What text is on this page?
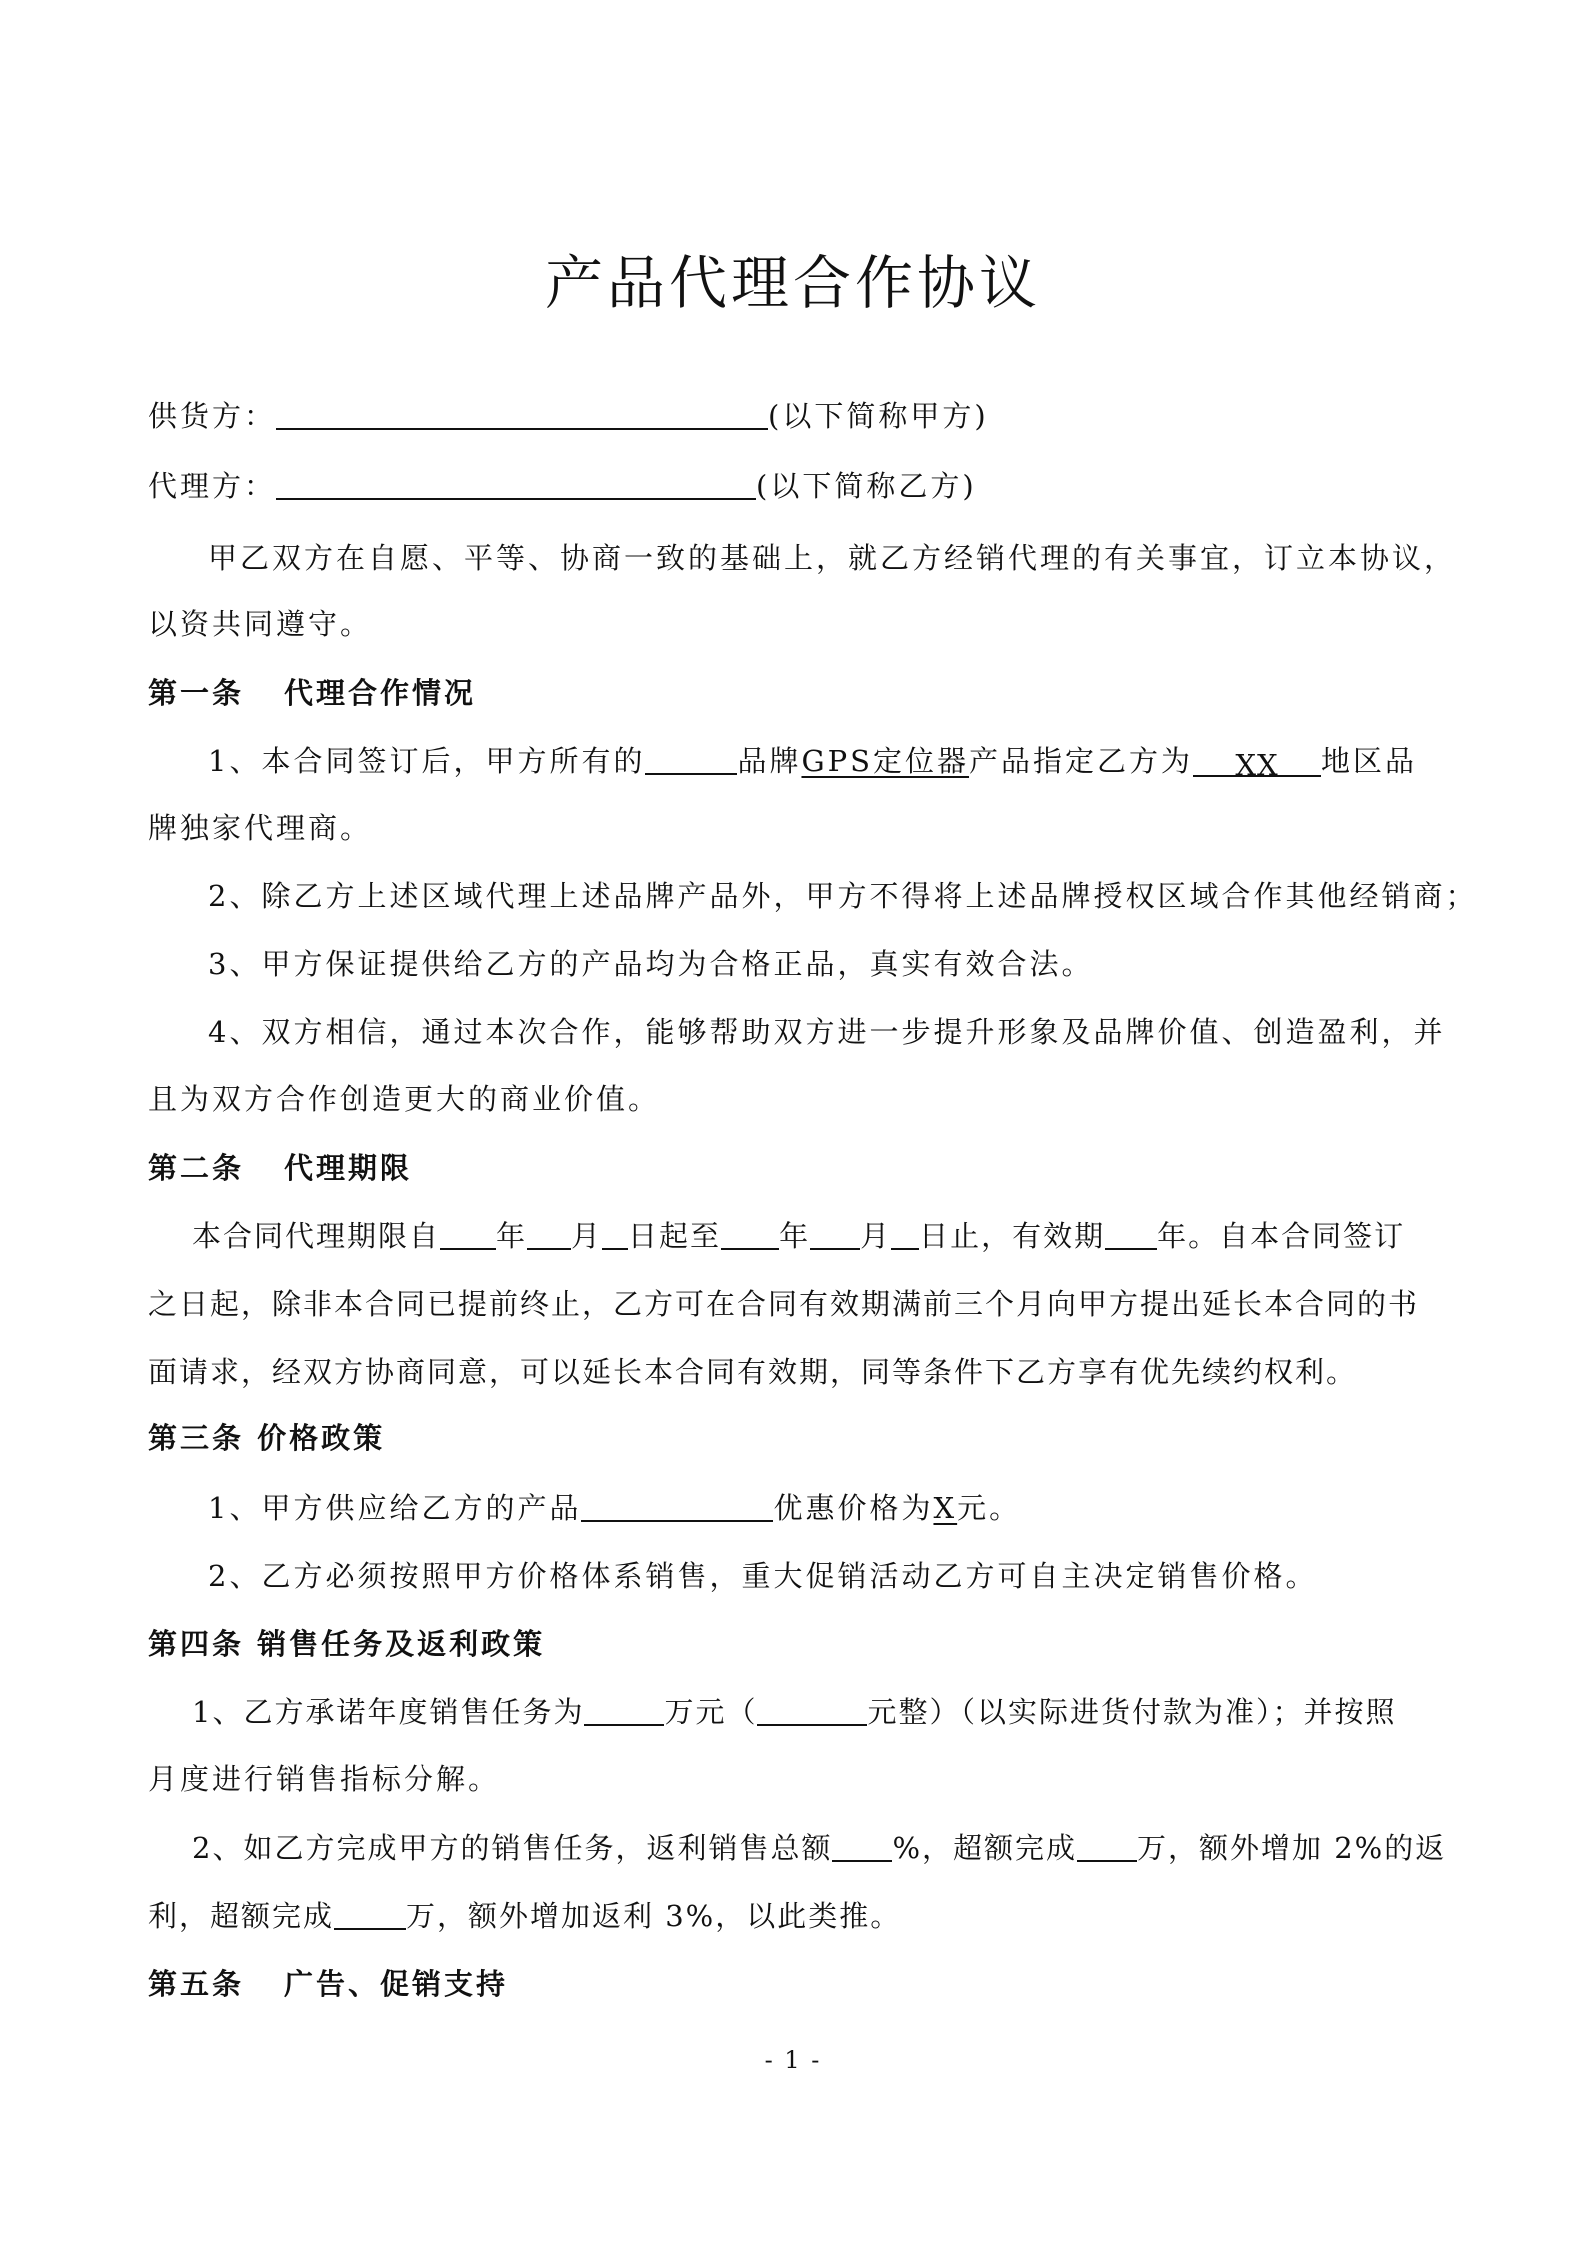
产品代理合作协议
供货方：	(以下简称甲方)
代理方：	(以下简称乙方)
甲乙双方在自愿、平等、协商一致的基础上，就乙方经销代理的有关事宜，订立本协议，
以资共同遵守。
第一条 代理合作情况
1、本合同签订后，甲方所有的	品牌GPS定位器产品指定乙方为 XX 地区品
牌独家代理商。
2、除乙方上述区域代理上述品牌产品外，甲方不得将上述品牌授权区域合作其他经销商；
3、甲方保证提供给乙方的产品均为合格正品，真实有效合法。
4、双方相信，通过本次合作，能够帮助双方进一步提升形象及品牌价值、创造盈利，并
且为双方合作创造更大的商业价值。
第二条 代理期限
本合同代理期限自 年 月 日起至 年 月 日止，有效期 年。自本合同签订
之日起，除非本合同已提前终止，乙方可在合同有效期满前三个月向甲方提出延长本合同的书
面请求，经双方协商同意，可以延长本合同有效期，同等条件下乙方享有优先续约权利。
第三条 价格政策
1、甲方供应给乙方的产品	优惠价格为X元。
2、乙方必须按照甲方价格体系销售，重大促销活动乙方可自主决定销售价格。
第四条 销售任务及返利政策
1、乙方承诺年度销售任务为	万元（	元整）（以实际进货付款为准）；并按照
月度进行销售指标分解。
2、如乙方完成甲方的销售任务，返利销售总额 %，超额完成 万，额外增加 2%的返
利，超额完成 万，额外增加返利 3%，以此类推。
第五条 广告、促销支持
- 1 -
